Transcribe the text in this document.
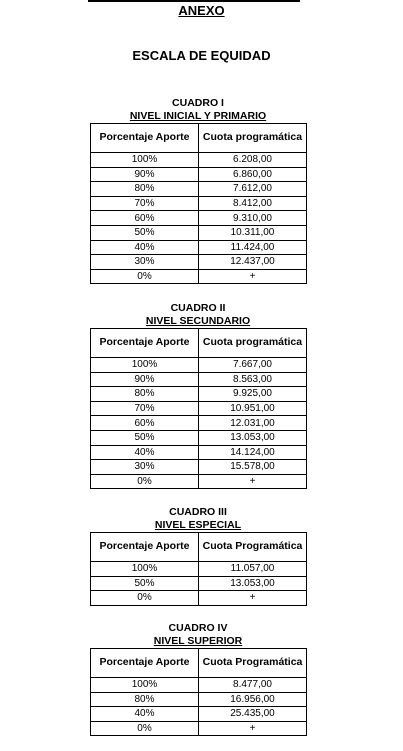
ANEXO
ESCALA DE EQUIDAD
CUADRO I
NIVEL INICIAL Y PRIMARIO
Porcentaje Aporte	Cuota programática
100%	6.208,00
90%	6.860,00
80%	7.612,00
70%	8.412,00
60%	9.310,00
50%	10.311,00
40%	11.424,00
30%	12.437,00
0%	+
CUADRO II
NIVEL SECUNDARIO
Porcentaje Aporte	Cuota programática
100%	7.667,00
90%	8.563,00
80%	9.925,00
70%	10.951,00
60%	12.031,00
50%	13.053,00
40%	14.124,00
30%	15.578,00
0%	+
CUADRO III
NIVEL ESPECIAL
Porcentaje Aporte	Cuota Programática
100%	11.057,00
50%	13.053,00
0%	+
CUADRO IV
NIVEL SUPERIOR
Porcentaje Aporte	Cuota Programática
100%	8.477,00
80%	16.956,00
40%	25.435,00
0%	+
